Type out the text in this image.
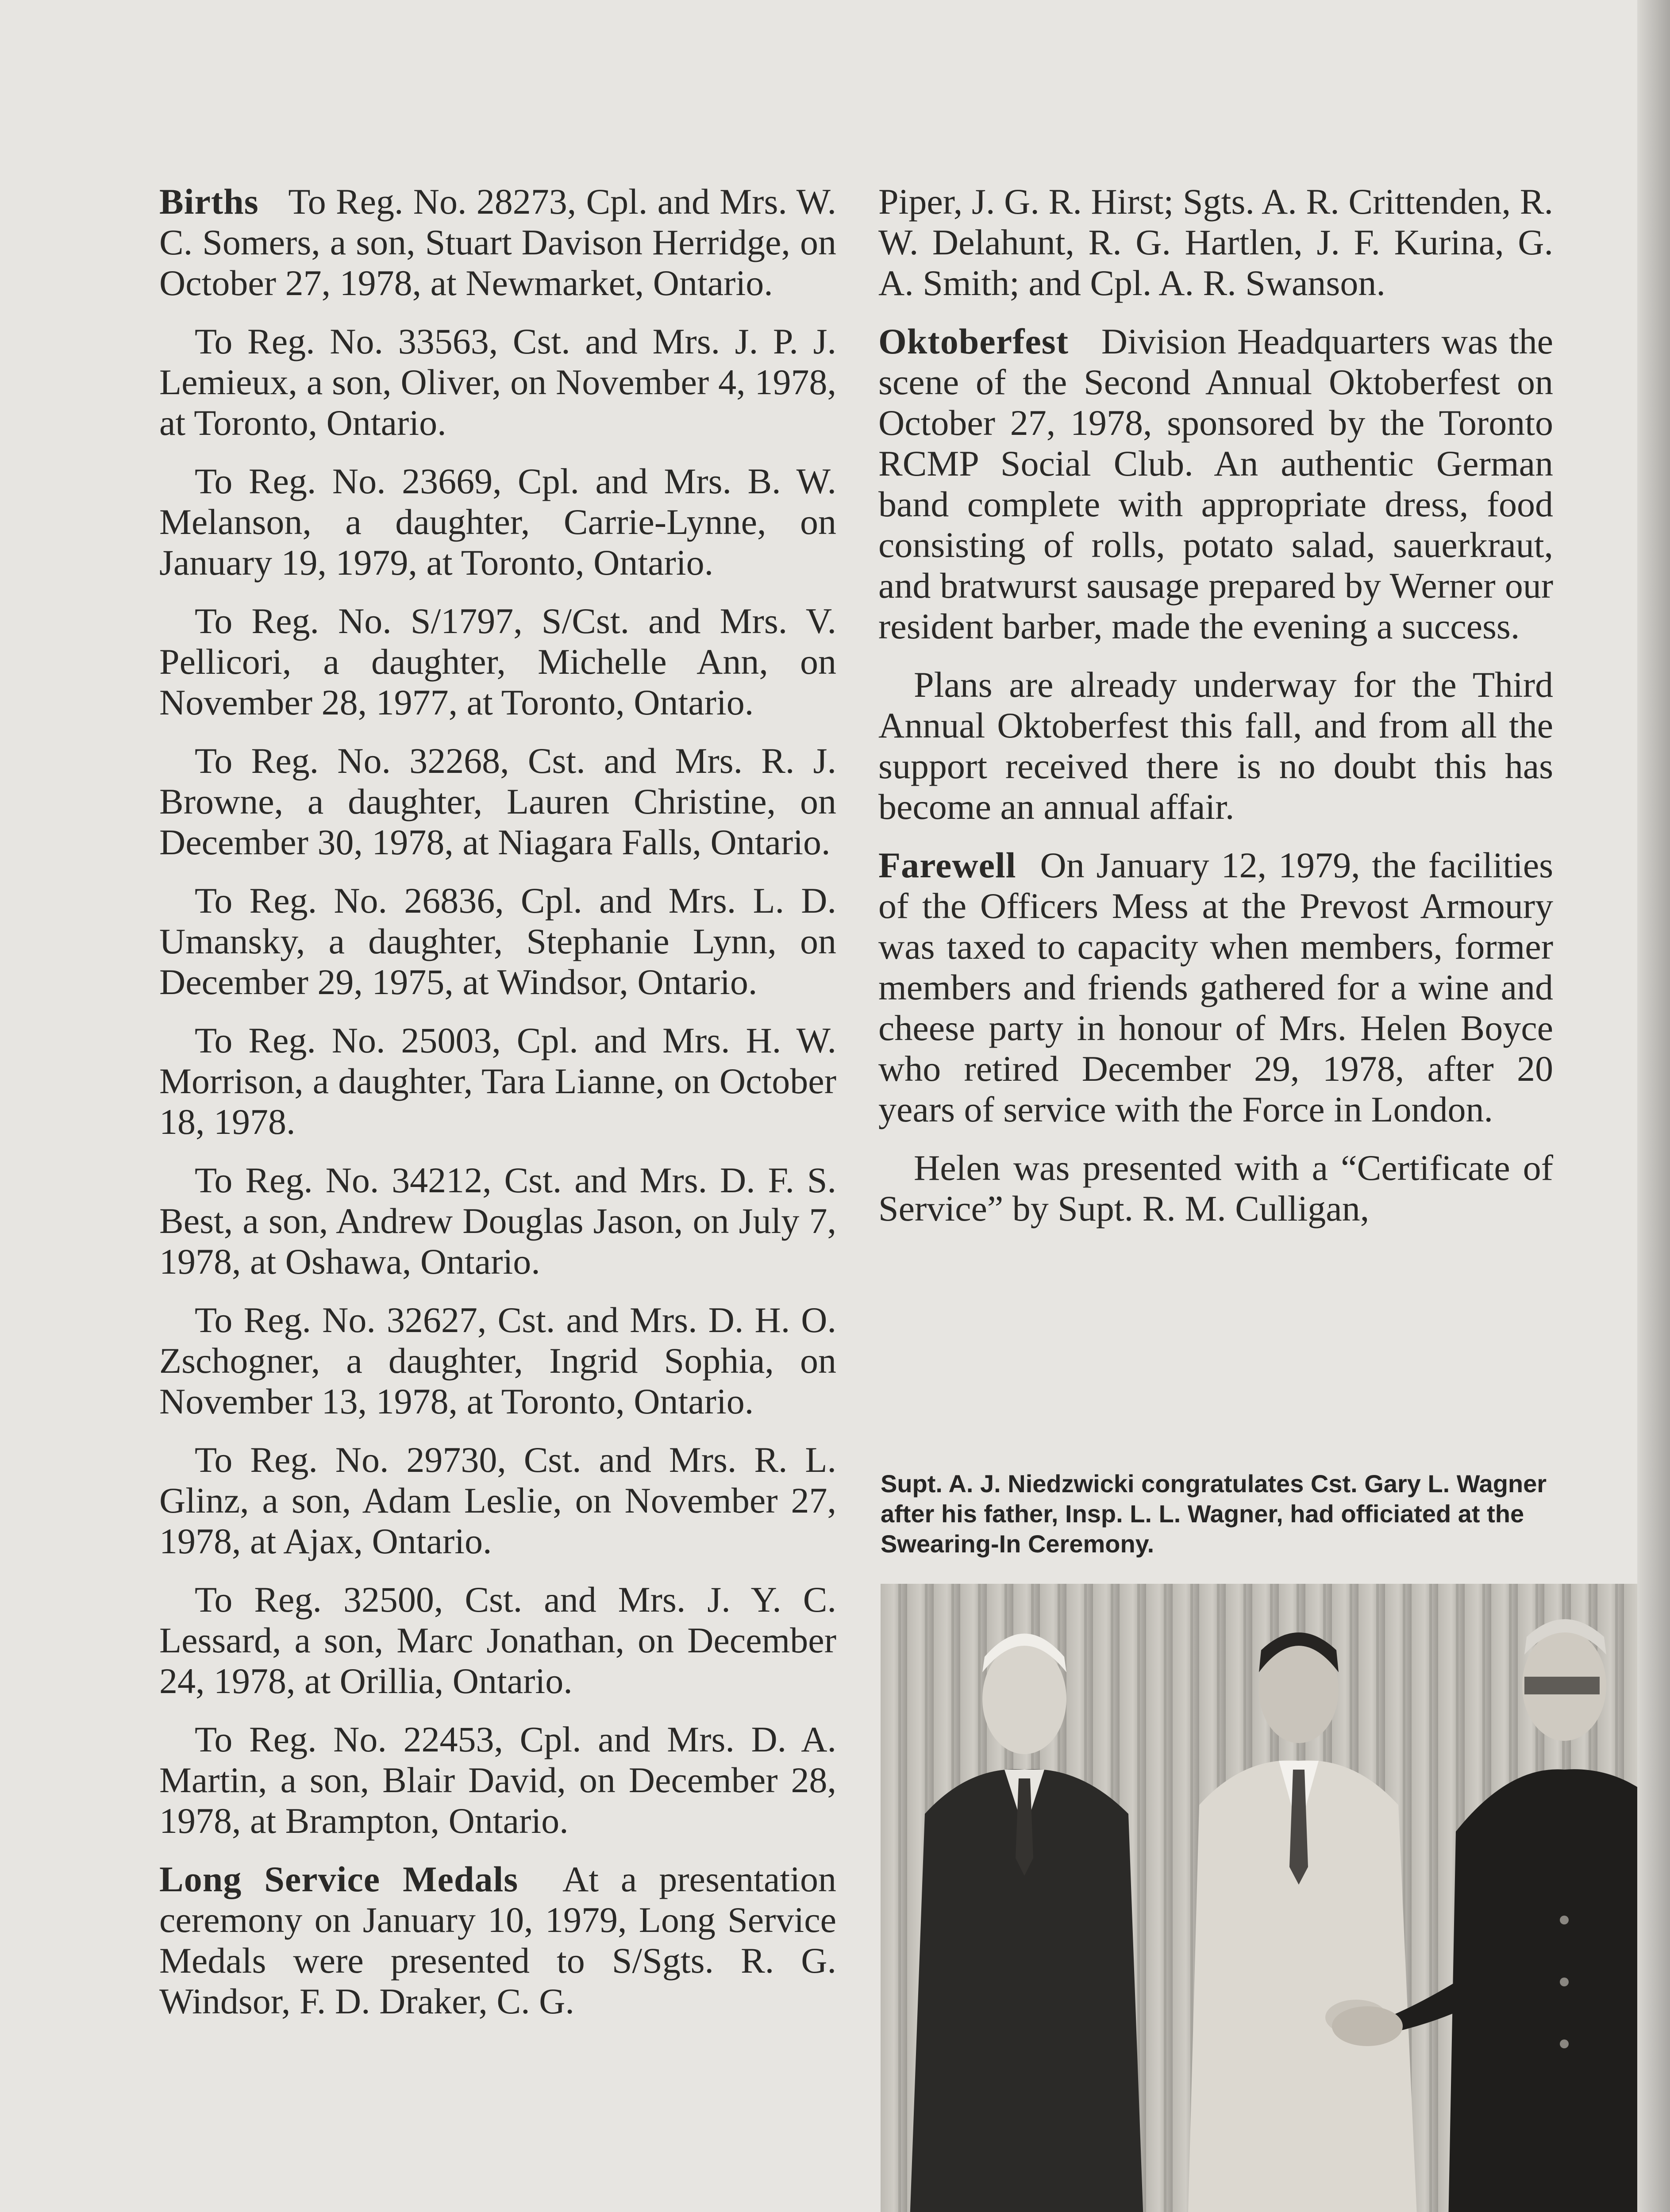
Births To Reg. No. 28273, Cpl. and Mrs. W. C. Somers, a son, Stuart Davison Herridge, on October 27, 1978, at Newmarket, Ontario.

To Reg. No. 33563, Cst. and Mrs. J. P. J. Lemieux, a son, Oliver, on November 4, 1978, at Toronto, Ontario.

To Reg. No. 23669, Cpl. and Mrs. B. W. Melanson, a daughter, Carrie-Lynne, on January 19, 1979, at Toronto, Ontario.

To Reg. No. S/1797, S/Cst. and Mrs. V. Pellicori, a daughter, Michelle Ann, on November 28, 1977, at Toronto, Ontario.

To Reg. No. 32268, Cst. and Mrs. R. J. Browne, a daughter, Lauren Christine, on December 30, 1978, at Niagara Falls, Ontario.

To Reg. No. 26836, Cpl. and Mrs. L. D. Umansky, a daughter, Stephanie Lynn, on December 29, 1975, at Windsor, Ontario.

To Reg. No. 25003, Cpl. and Mrs. H. W. Morrison, a daughter, Tara Lianne, on October 18, 1978.

To Reg. No. 34212, Cst. and Mrs. D. F. S. Best, a son, Andrew Douglas Jason, on July 7, 1978, at Oshawa, Ontario.

To Reg. No. 32627, Cst. and Mrs. D. H. O. Zschogner, a daughter, Ingrid Sophia, on November 13, 1978, at Toronto, Ontario.

To Reg. No. 29730, Cst. and Mrs. R. L. Glinz, a son, Adam Leslie, on November 27, 1978, at Ajax, Ontario.

To Reg. 32500, Cst. and Mrs. J. Y. C. Lessard, a son, Marc Jonathan, on December 24, 1978, at Orillia, Ontario.

To Reg. No. 22453, Cpl. and Mrs. D. A. Martin, a son, Blair David, on December 28, 1978, at Brampton, Ontario.

Long Service Medals At a presentation ceremony on January 10, 1979, Long Service Medals were presented to S/Sgts. R. G. Windsor, F. D. Draker, C. G.

Piper, J. G. R. Hirst; Sgts. A. R. Crittenden, R. W. Delahunt, R. G. Hartlen, J. F. Kurina, G. A. Smith; and Cpl. A. R. Swanson.

Oktoberfest Division Headquarters was the scene of the Second Annual Oktoberfest on October 27, 1978, sponsored by the Toronto RCMP Social Club. An authentic German band complete with appropriate dress, food consisting of rolls, potato salad, sauerkraut, and bratwurst sausage prepared by Werner our resident barber, made the evening a success.

Plans are already underway for the Third Annual Oktoberfest this fall, and from all the support received there is no doubt this has become an annual affair.

Farewell On January 12, 1979, the facilities of the Officers Mess at the Prevost Armoury was taxed to capacity when members, former members and friends gathered for a wine and cheese party in honour of Mrs. Helen Boyce who retired December 29, 1978, after 20 years of service with the Force in London.

Helen was presented with a “Certificate of Service” by Supt. R. M. Culligan,

Supt. A. J. Niedzwicki congratulates Cst. Gary L. Wagner after his father, Insp. L. L. Wagner, had officiated at the Swearing-In Ceremony.
